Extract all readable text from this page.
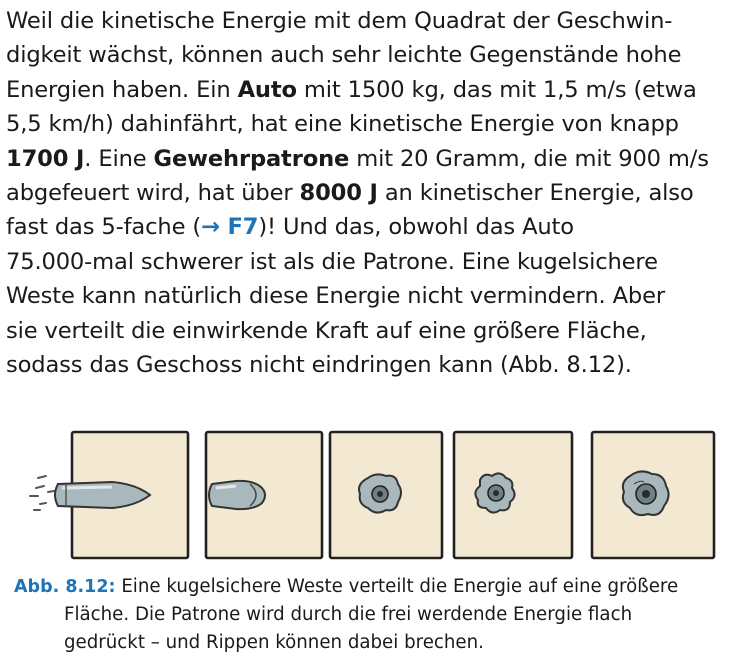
Weil die kinetische Energie mit dem Quadrat der Geschwin-
digkeit wächst, können auch sehr leichte Gegenstände hohe
Energien haben. Ein Auto mit 1500 kg, das mit 1,5 m/s (etwa
5,5 km/h) dahinfährt, hat eine kinetische Energie von knapp
1700 J. Eine Gewehrpatrone mit 20 Gramm, die mit 900 m/s
abgefeuert wird, hat über 8000 J an kinetischer Energie, also
fast das 5-fache (→ F7)! Und das, obwohl das Auto
75.000-mal schwerer ist als die Patrone. Eine kugelsichere
Weste kann natürlich diese Energie nicht vermindern. Aber
sie verteilt die einwirkende Kraft auf eine größere Fläche,
sodass das Geschoss nicht eindringen kann (Abb. 8.12).
Abb. 8.12: Eine kugelsichere Weste verteilt die Energie auf eine größere
Fläche. Die Patrone wird durch die frei werdende Energie flach
gedrückt – und Rippen können dabei brechen.
